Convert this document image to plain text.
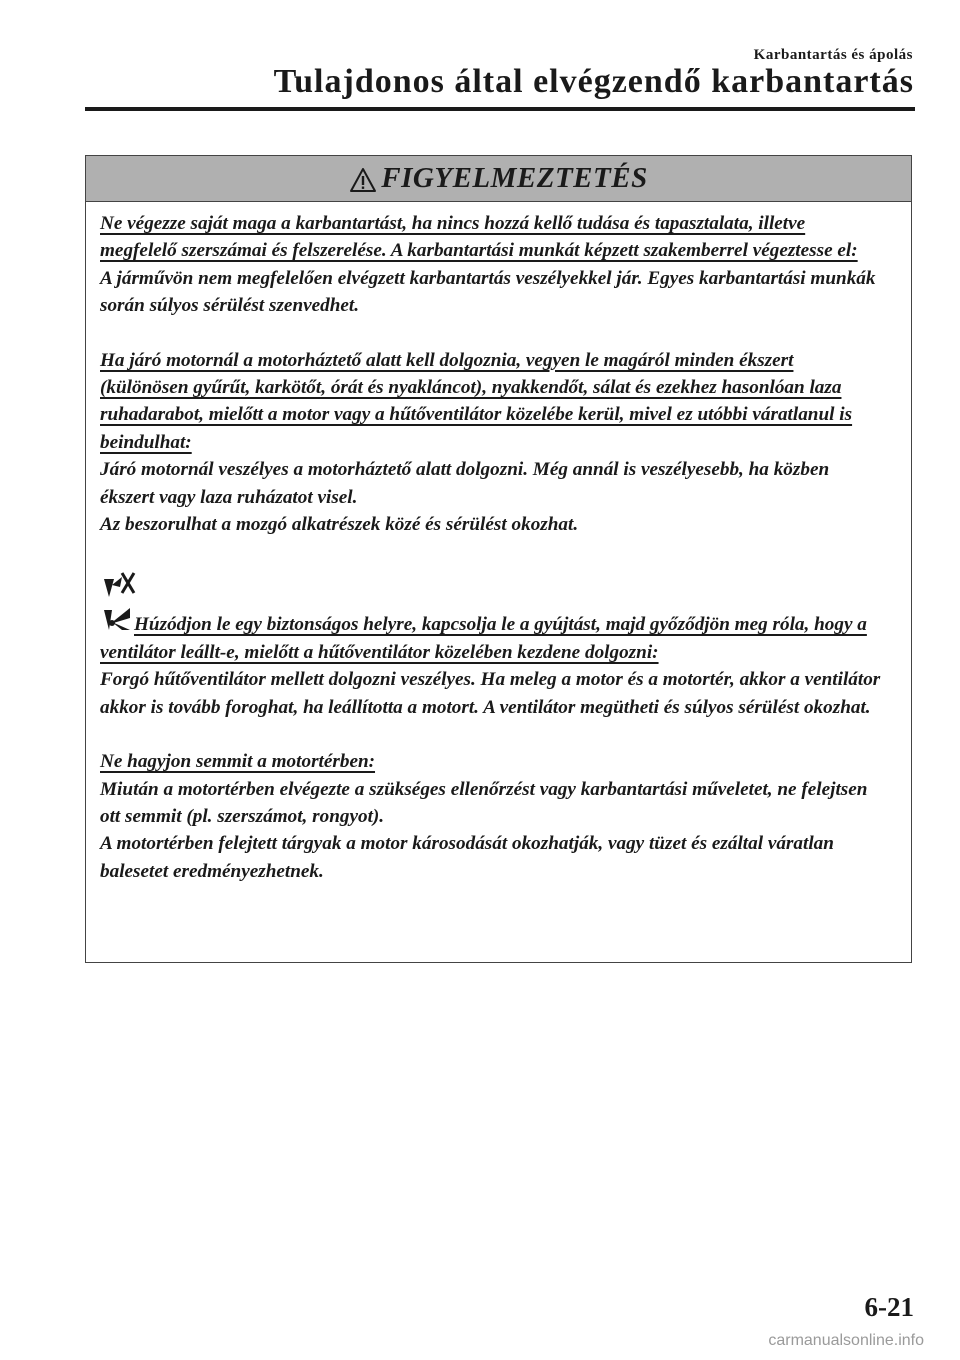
Karbantartás és ápolás
Tulajdonos által elvégzendő karbantartás
FIGYELMEZTETÉS

Ne végezze saját maga a karbantartást, ha nincs hozzá kellő tudása és tapasztalata, illetve megfelelő szerszámai és felszerelése. A karbantartási munkát képzett szakemberrel végeztesse el:

A járművön nem megfelelően elvégzett karbantartás veszélyekkel jár. Egyes karbantartási munkák során súlyos sérülést szenvedhet.

Ha járó motornál a motorháztető alatt kell dolgoznia, vegyen le magáról minden ékszert (különösen gyűrűt, karkötőt, órát és nyakláncot), nyakkendőt, sálat és ezekhez hasonlóan laza ruhadarabot, mielőtt a motor vagy a hűtőventilátor közelébe kerül, mivel ez utóbbi váratlanul is beindulhat:

Járó motornál veszélyes a motorháztető alatt dolgozni. Még annál is veszélyesebb, ha közben ékszert vagy laza ruházatot visel.

Az beszorulhat a mozgó alkatrészek közé és sérülést okozhat.

Húzódjon le egy biztonságos helyre, kapcsolja le a gyújtást, majd győződjön meg róla, hogy a ventilátor leállt-e, mielőtt a hűtőventilátor közelében kezdene dolgozni:

Forgó hűtőventilátor mellett dolgozni veszélyes. Ha meleg a motor és a motortér, akkor a ventilátor akkor is tovább foroghat, ha leállította a motort. A ventilátor megütheti és súlyos sérülést okozhat.

Ne hagyjon semmit a motortérben:

Miután a motortérben elvégezte a szükséges ellenőrzést vagy karbantartási műveletet, ne felejtsen ott semmit (pl. szerszámot, rongyot).

A motortérben felejtett tárgyak a motor károsodását okozhatják, vagy tüzet és ezáltal váratlan balesetet eredményezhetnek.

6-21
carmanualsonline.info
